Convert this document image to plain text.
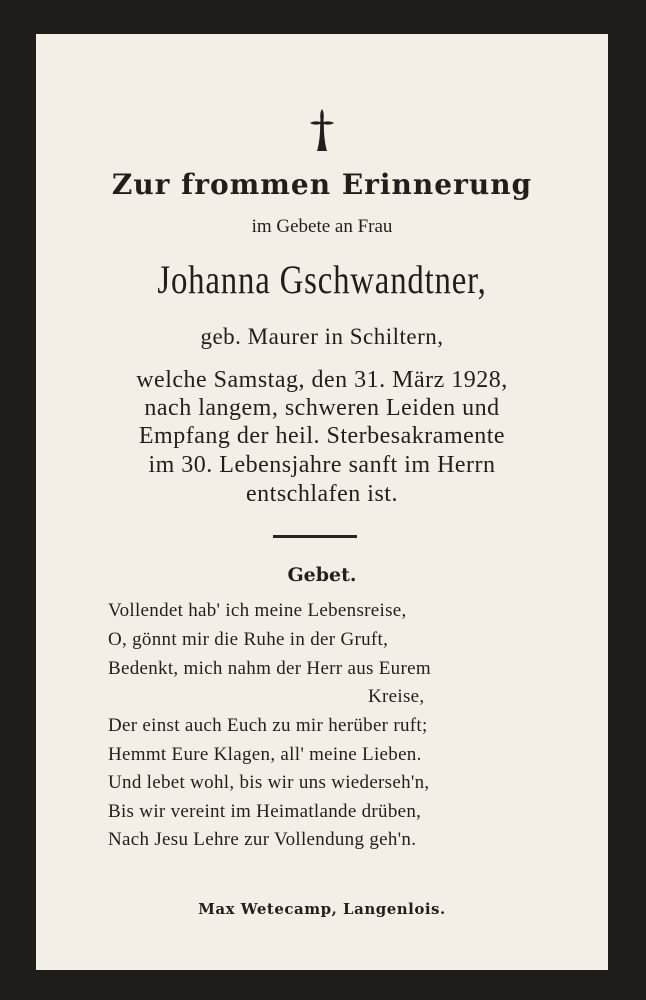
Zur frommen Erinnerung
im Gebete an Frau
Johanna Gschwandtner,
geb. Maurer in Schiltern,
welche Samstag, den 31. März 1928,
nach langem, schweren Leiden und
Empfang der heil. Sterbesakramente
im 30. Lebensjahre sanft im Herrn
entschlafen ist.
Gebet.
Vollendet hab' ich meine Lebensreise,
O, gönnt mir die Ruhe in der Gruft,
Bedenkt, mich nahm der Herr aus Eurem
Kreise,
Der einst auch Euch zu mir herüber ruft;
Hemmt Eure Klagen, all' meine Lieben.
Und lebet wohl, bis wir uns wiederseh'n,
Bis wir vereint im Heimatlande drüben,
Nach Jesu Lehre zur Vollendung geh'n.
Max Wetecamp, Langenlois.
